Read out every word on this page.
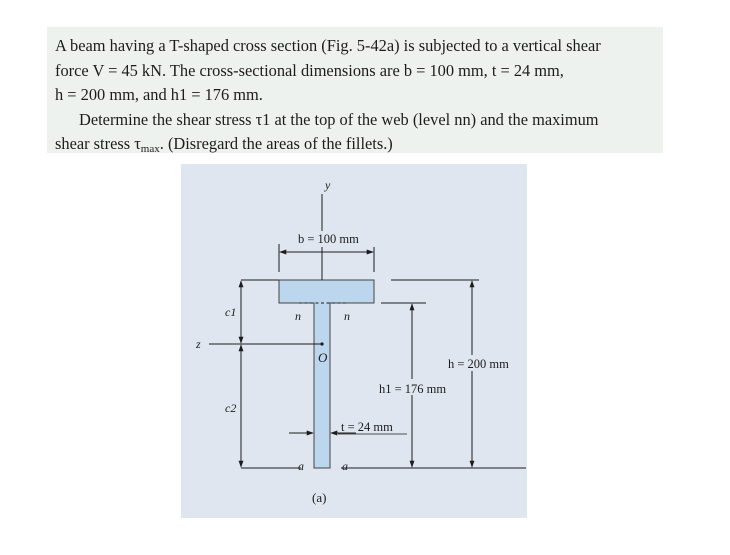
A beam having a T-shaped cross section (Fig. 5-42a) is subjected to a vertical shear
force V = 45 kN. The cross-sectional dimensions are b = 100 mm, t = 24 mm,
h = 200 mm, and h1 = 176 mm.

Determine the shear stress τ1 at the top of the web (level nn) and the maximum
shear stress $\tau_{max}$. (Disregard the areas of the fillets.)

y
z
O
b = 100 mm
n	n
c1
c2
h = 200 mm
h1 = 176 mm
t = 24 mm
a	a
(a)
